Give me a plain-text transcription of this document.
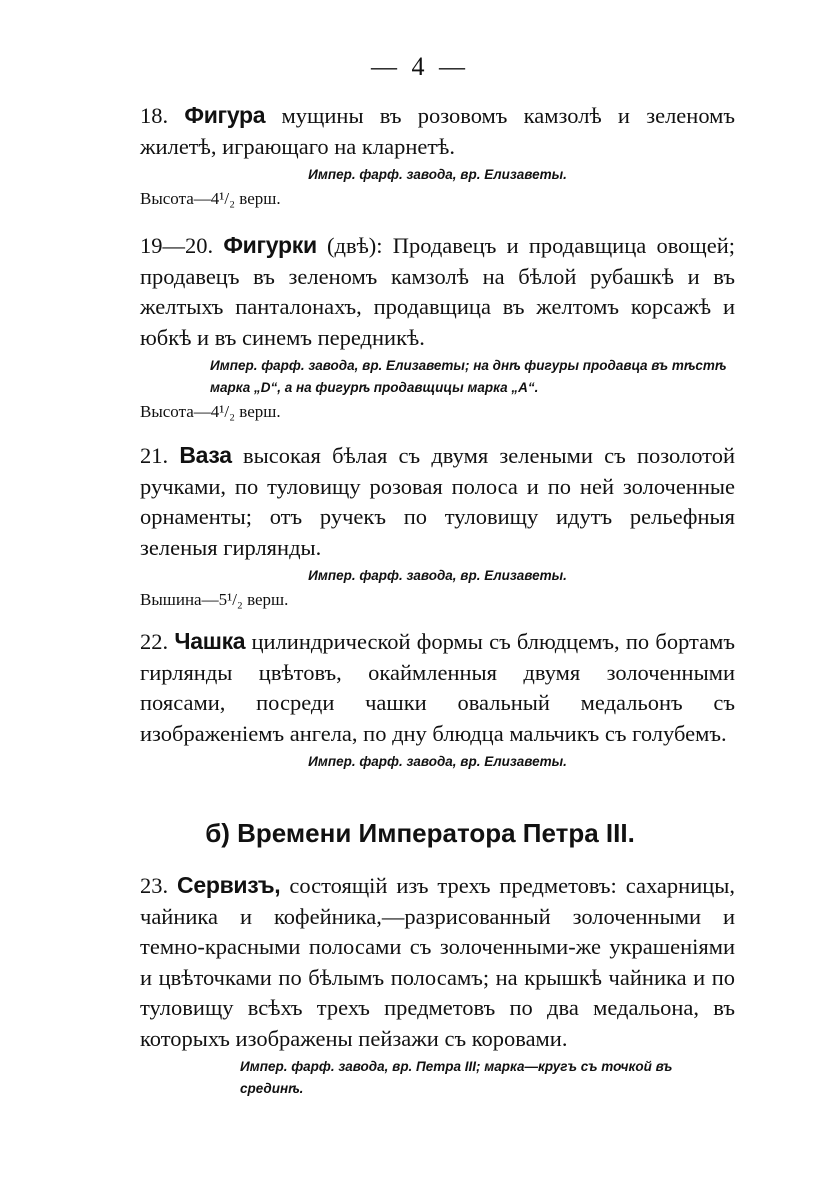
— 4 —

18. Фигура мущины въ розовомъ камзолѣ и зеленомъ жилетѣ, играющаго на кларнетѣ.

Импер. фарф. завода, вр. Елизаветы.

Высота—4¹/₂ верш.

19—20. Фигурки (двѣ): Продавецъ и продавщица овощей; продавецъ въ зеленомъ камзолѣ на бѣлой рубашкѣ и въ желтыхъ панталонахъ, продавщица въ желтомъ корсажѣ и юбкѣ и въ синемъ передникѣ.

Импер. фарф. завода, вр. Елизаветы; на днѣ фигуры продавца въ тѣстѣ марка „D“, а на фигурѣ продавщицы марка „A“.

Высота—4¹/₂ верш.

21. Ваза высокая бѣлая съ двумя зелеными съ позолотой ручками, по туловищу розовая полоса и по ней золоченные орнаменты; отъ ручекъ по туловищу идутъ рельефныя зеленыя гирлянды.

Импер. фарф. завода, вр. Елизаветы.

Вышина—5¹/₂ верш.

22. Чашка цилиндрической формы съ блюдцемъ, по бортамъ гирлянды цвѣтовъ, окаймленныя двумя золоченными поясами, посреди чашки овальный медальонъ съ изображеніемъ ангела, по дну блюдца мальчикъ съ голубемъ.

Импер. фарф. завода, вр. Елизаветы.

б) Времени Императора Петра III.

23. Сервизъ, состоящій изъ трехъ предметовъ: сахарницы, чайника и кофейника,—разрисованный золоченными и темно-красными полосами съ золоченными-же украшеніями и цвѣточками по бѣлымъ полосамъ; на крышкѣ чайника и по туловищу всѣхъ трехъ предметовъ по два медальона, въ которыхъ изображены пейзажи съ коровами.

Импер. фарф. завода, вр. Петра III; марка—кругъ съ точкой въ срединѣ.
